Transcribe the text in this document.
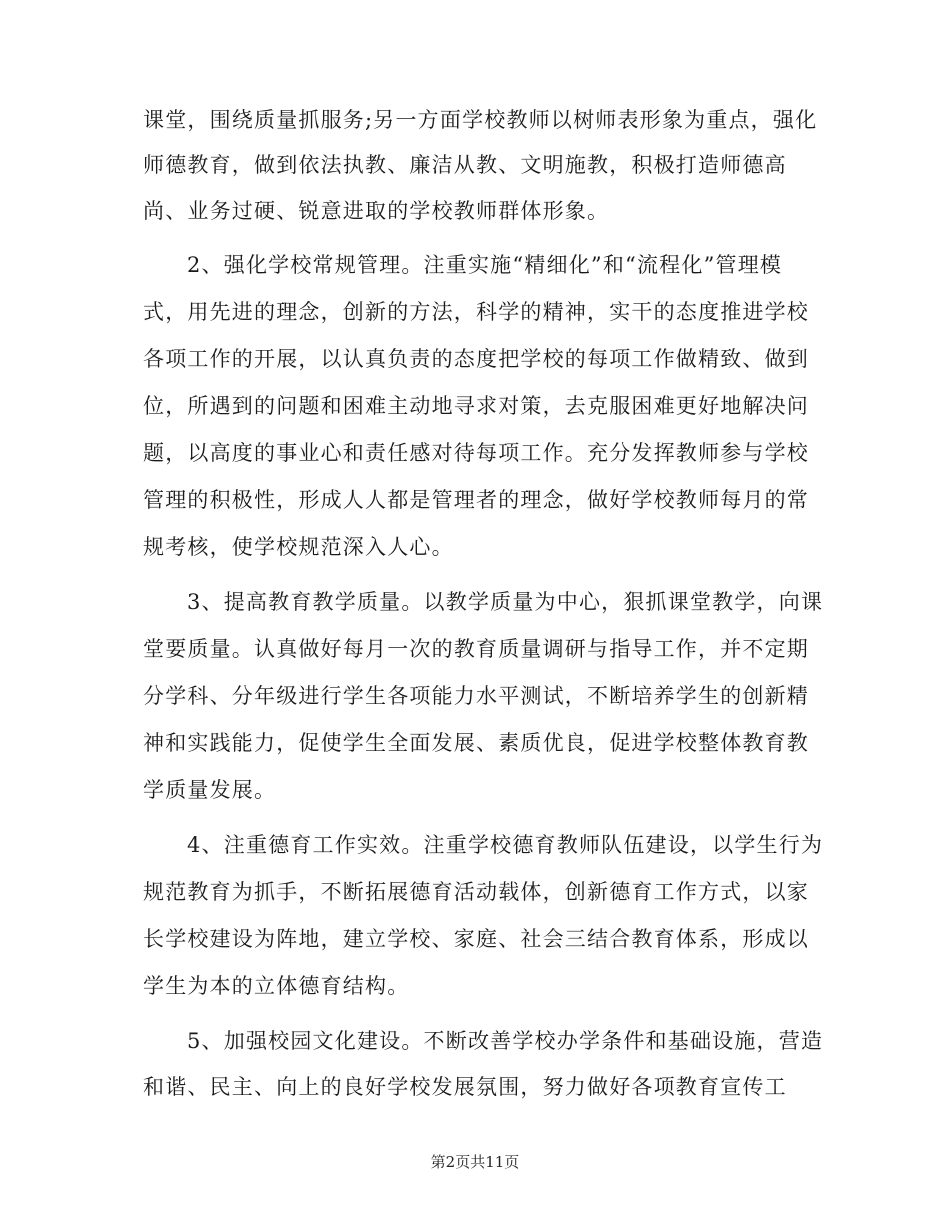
课堂，围绕质量抓服务;另一方面学校教师以树师表形象为重点，强化
师德教育，做到依法执教、廉洁从教、文明施教，积极打造师德高
尚、业务过硬、锐意进取的学校教师群体形象。
2、强化学校常规管理。注重实施“精细化”和“流程化”管理模
式，用先进的理念，创新的方法，科学的精神，实干的态度推进学校
各项工作的开展，以认真负责的态度把学校的每项工作做精致、做到
位，所遇到的问题和困难主动地寻求对策，去克服困难更好地解决问
题，以高度的事业心和责任感对待每项工作。充分发挥教师参与学校
管理的积极性，形成人人都是管理者的理念，做好学校教师每月的常
规考核，使学校规范深入人心。
3、提高教育教学质量。以教学质量为中心，狠抓课堂教学，向课
堂要质量。认真做好每月一次的教育质量调研与指导工作，并不定期
分学科、分年级进行学生各项能力水平测试，不断培养学生的创新精
神和实践能力，促使学生全面发展、素质优良，促进学校整体教育教
学质量发展。
4、注重德育工作实效。注重学校德育教师队伍建设，以学生行为
规范教育为抓手，不断拓展德育活动载体，创新德育工作方式，以家
长学校建设为阵地，建立学校、家庭、社会三结合教育体系，形成以
学生为本的立体德育结构。
5、加强校园文化建设。不断改善学校办学条件和基础设施，营造
和谐、民主、向上的良好学校发展氛围，努力做好各项教育宣传工
第2页共11页
